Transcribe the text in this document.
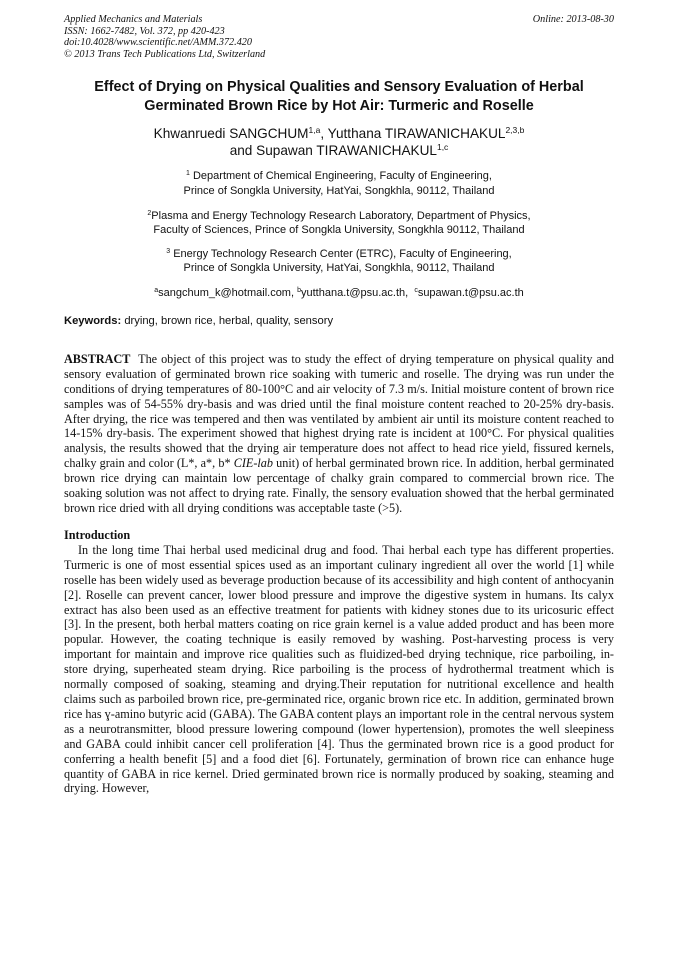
Applied Mechanics and Materials
ISSN: 1662-7482, Vol. 372, pp 420-423
doi:10.4028/www.scientific.net/AMM.372.420
© 2013 Trans Tech Publications Ltd, Switzerland
Online: 2013-08-30
Effect of Drying on Physical Qualities and Sensory Evaluation of Herbal Germinated Brown Rice by Hot Air: Turmeric and Roselle
Khwanruedi SANGCHUM$^{1,a}$, Yutthana TIRAWANICHAKUL$^{2,3,b}$
and Supawan TIRAWANICHAKUL$^{1,c}$
$^1$ Department of Chemical Engineering, Faculty of Engineering,
Prince of Songkla University, HatYai, Songkhla, 90112, Thailand
$^2$Plasma and Energy Technology Research Laboratory, Department of Physics,
Faculty of Sciences, Prince of Songkla University, Songkhla 90112, Thailand
$^3$ Energy Technology Research Center (ETRC), Faculty of Engineering,
Prince of Songkla University, HatYai, Songkhla, 90112, Thailand
$^a$sangchum_k@hotmail.com, $^b$yutthana.t@psu.ac.th, $^c$supawan.t@psu.ac.th
Keywords: drying, brown rice, herbal, quality, sensory
ABSTRACT The object of this project was to study the effect of drying temperature on physical quality and sensory evaluation of germinated brown rice soaking with tumeric and roselle. The drying was run under the conditions of drying temperatures of 80-100°C and air velocity of 7.3 m/s. Initial moisture content of brown rice samples was of 54-55% dry-basis and was dried until the final moisture content reached to 20-25% dry-basis. After drying, the rice was tempered and then was ventilated by ambient air until its moisture content reached to 14-15% dry-basis. The experiment showed that highest drying rate is incident at 100°C. For physical qualities analysis, the results showed that the drying air temperature does not affect to head rice yield, fissured kernels, chalky grain and color (L*, a*, b* CIE-lab unit) of herbal germinated brown rice. In addition, herbal germinated brown rice drying can maintain low percentage of chalky grain compared to commercial brown rice. The soaking solution was not affect to drying rate. Finally, the sensory evaluation showed that the herbal germinated brown rice dried with all drying conditions was acceptable taste (>5).
Introduction
In the long time Thai herbal used medicinal drug and food. Thai herbal each type has different properties. Turmeric is one of most essential spices used as an important culinary ingredient all over the world [1] while roselle has been widely used as beverage production because of its accessibility and high content of anthocyanin [2]. Roselle can prevent cancer, lower blood pressure and improve the digestive system in humans. Its calyx extract has also been used as an effective treatment for patients with kidney stones due to its uricosuric effect [3]. In the present, both herbal matters coating on rice grain kernel is a value added product and has been more popular. However, the coating technique is easily removed by washing. Post-harvesting process is very important for maintain and improve rice qualities such as fluidized-bed drying technique, rice parboiling, in-store drying, superheated steam drying. Rice parboiling is the process of hydrothermal treatment which is normally composed of soaking, steaming and drying.Their reputation for nutritional excellence and health claims such as parboiled brown rice, pre-germinated rice, organic brown rice etc. In addition, germinated brown rice has ɣ-amino butyric acid (GABA). The GABA content plays an important role in the central nervous system as a neurotransmitter, blood pressure lowering compound (lower hypertension), promotes the well sleepiness and GABA could inhibit cancer cell proliferation [4]. Thus the germinated brown rice is a good product for conferring a health benefit [5] and a food diet [6]. Fortunately, germination of brown rice can enhance huge quantity of GABA in rice kernel. Dried germinated brown rice is normally produced by soaking, steaming and drying. However,
